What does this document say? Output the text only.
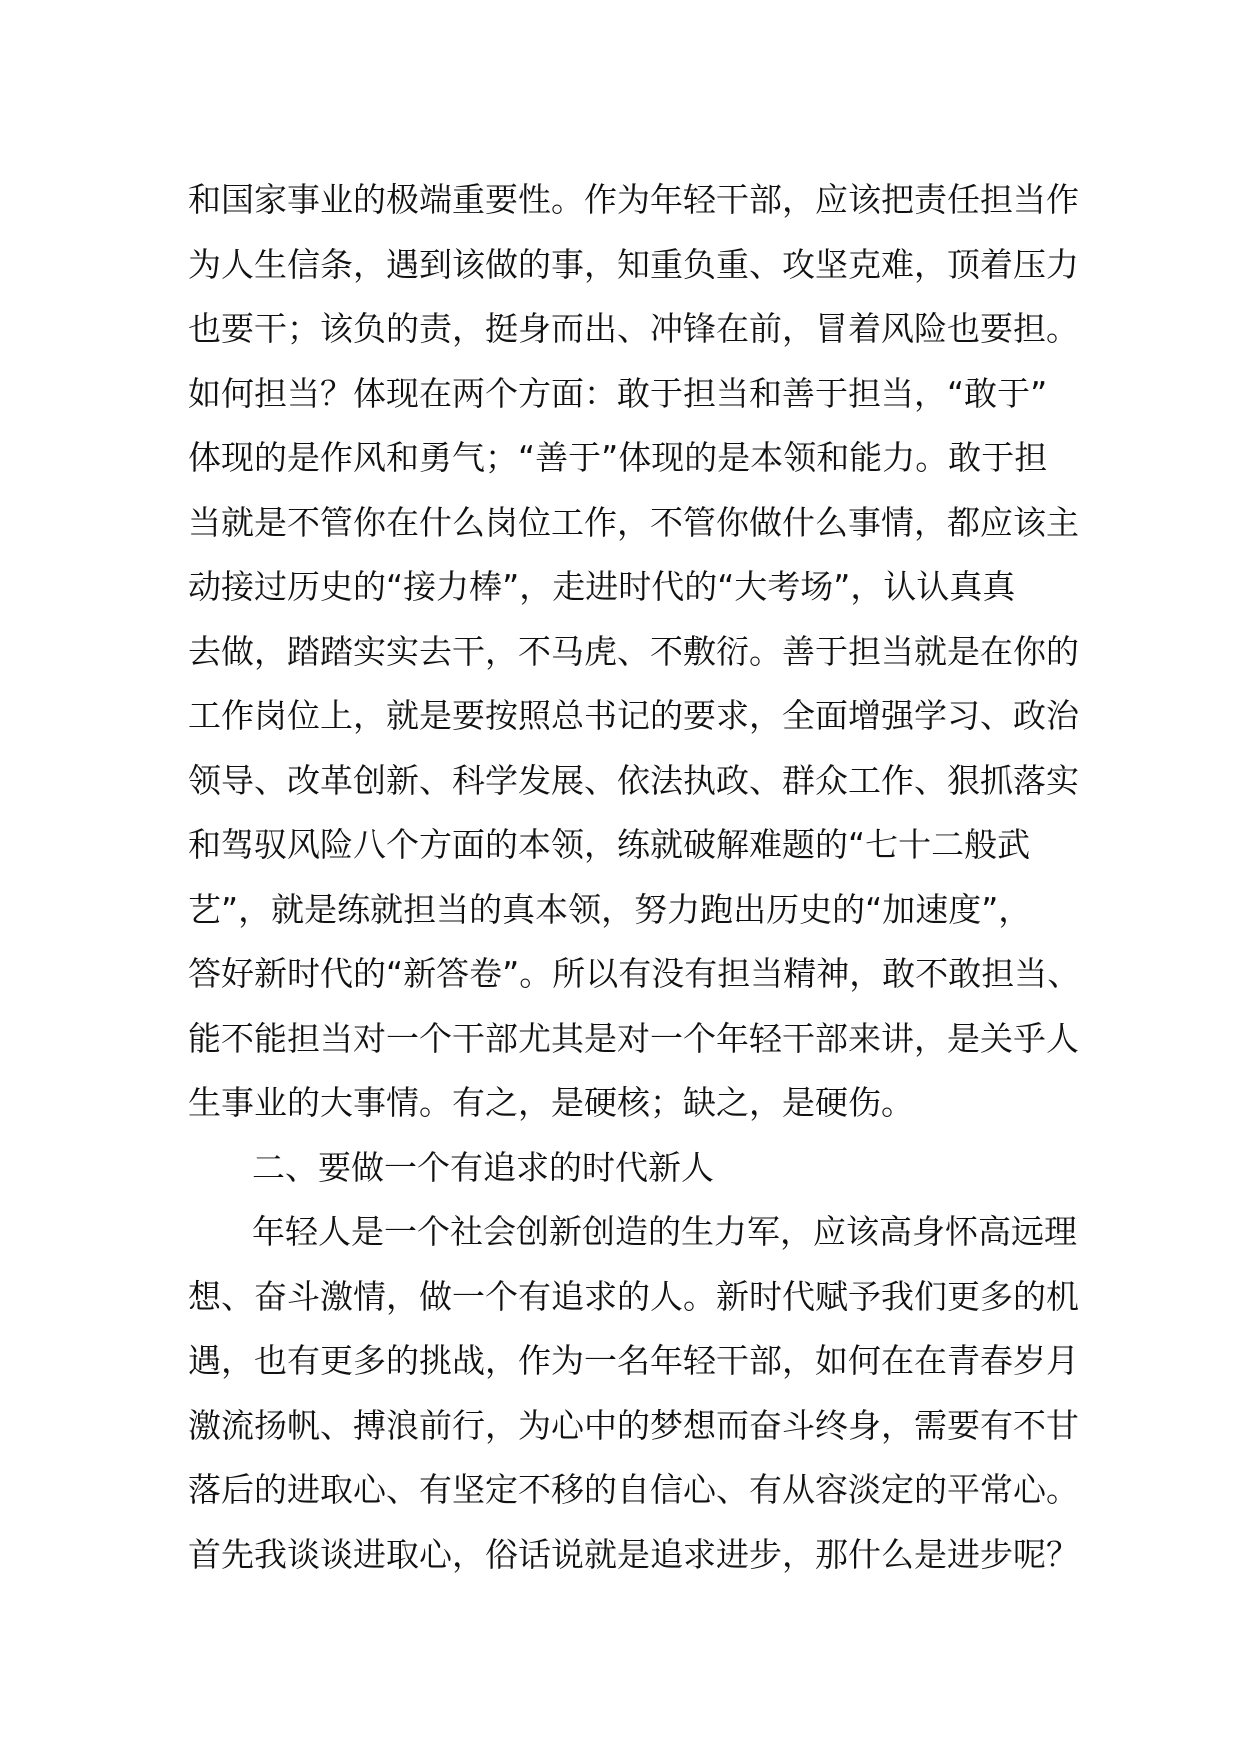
和国家事业的极端重要性。作为年轻干部，应该把责任担当作
为人生信条，遇到该做的事，知重负重、攻坚克难，顶着压力
也要干；该负的责，挺身而出、冲锋在前，冒着风险也要担。
如何担当？体现在两个方面：敢于担当和善于担当，“敢于”
体现的是作风和勇气；“善于”体现的是本领和能力。敢于担
当就是不管你在什么岗位工作，不管你做什么事情，都应该主
动接过历史的“接力棒”，走进时代的“大考场”，认认真真
去做，踏踏实实去干，不马虎、不敷衍。善于担当就是在你的
工作岗位上，就是要按照总书记的要求，全面增强学习、政治
领导、改革创新、科学发展、依法执政、群众工作、狠抓落实
和驾驭风险八个方面的本领，练就破解难题的“七十二般武
艺”，就是练就担当的真本领，努力跑出历史的“加速度”，
答好新时代的“新答卷”。所以有没有担当精神，敢不敢担当、
能不能担当对一个干部尤其是对一个年轻干部来讲，是关乎人
生事业的大事情。有之，是硬核；缺之，是硬伤。
二、要做一个有追求的时代新人
年轻人是一个社会创新创造的生力军，应该高身怀高远理
想、奋斗激情，做一个有追求的人。新时代赋予我们更多的机
遇，也有更多的挑战，作为一名年轻干部，如何在在青春岁月
激流扬帆、搏浪前行，为心中的梦想而奋斗终身，需要有不甘
落后的进取心、有坚定不移的自信心、有从容淡定的平常心。
首先我谈谈进取心，俗话说就是追求进步，那什么是进步呢？
